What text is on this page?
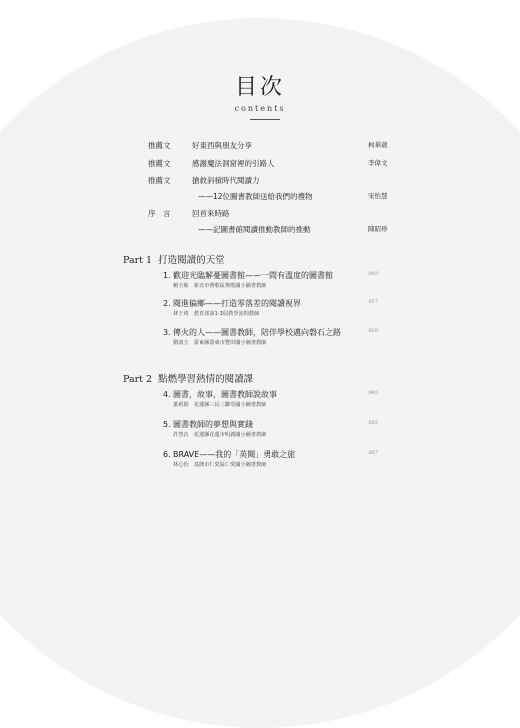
目次
contents
推薦文	好東西與朋友分享	柯華葳
推薦文	感謝魔法洞窟裡的引路人	李偉文
推薦文	搶救斜槓時代閱讀力
——12位圖書教師送給我們的禮物	宋怡慧
序　言	回首來時路
——記圖書館閱讀推動教師的推動	陳昭珍
Part 1 打造閱讀的天堂
1. 歡迎光臨解憂圖書館——一間有溫度的圖書館	003
賴玉敏　新北市鶯歌區鶯歌國小圖書教師
2. 閱進偏鄉——打造零落差的閱讀視界	017
林于靖　教育部第1-3屆教學訪問教師
3. 傳火的人——圖書教師，陪伴學校邁向磐石之路	029
劉淑玉　臺東縣臺東市豐田國小圖書教師
Part 2 點燃學習熱情的閱讀課
4. 圖書，故事，圖書教師說故事	045
葉莉娟　花蓮縣三民三聯崇國小圖書教師
5. 圖書教師的夢想與實踐	055
許慧貞　花蓮縣花蓮市明義國小圖書教師
6. BRAVE——我的「英閱」勇敢之旅	067
林心怡　基隆市仁愛區仁愛國小圖書教師
